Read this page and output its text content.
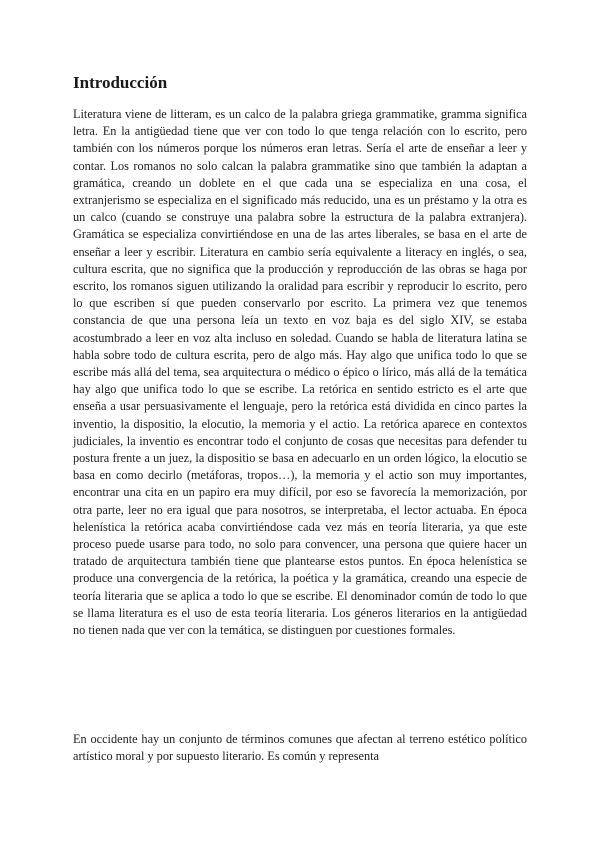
Introducción

Literatura viene de litteram, es un calco de la palabra griega grammatike, gramma significa letra. En la antigüedad tiene que ver con todo lo que tenga relación con lo escrito, pero también con los números porque los números eran letras. Sería el arte de enseñar a leer y contar. Los romanos no solo calcan la palabra grammatike sino que también la adaptan a gramática, creando un doblete en el que cada una se especializa en una cosa, el extranjerismo se especializa en el significado más reducido, una es un préstamo y la otra es un calco (cuando se construye una palabra sobre la estructura de la palabra extranjera). Gramática se especializa convirtiéndose en una de las artes liberales, se basa en el arte de enseñar a leer y escribir. Literatura en cambio sería equivalente a literacy en inglés, o sea, cultura escrita, que no significa que la producción y reproducción de las obras se haga por escrito, los romanos siguen utilizando la oralidad para escribir y reproducir lo escrito, pero lo que escriben sí que pueden conservarlo por escrito. La primera vez que tenemos constancia de que una persona leía un texto en voz baja es del siglo XIV, se estaba acostumbrado a leer en voz alta incluso en soledad. Cuando se habla de literatura latina se habla sobre todo de cultura escrita, pero de algo más. Hay algo que unifica todo lo que se escribe más allá del tema, sea arquitectura o médico o épico o lírico, más allá de la temática hay algo que unifica todo lo que se escribe. La retórica en sentido estricto es el arte que enseña a usar persuasivamente el lenguaje, pero la retórica está dividida en cinco partes la inventio, la dispositio, la elocutio, la memoria y el actio. La retórica aparece en contextos judiciales, la inventio es encontrar todo el conjunto de cosas que necesitas para defender tu postura frente a un juez, la dispositio se basa en adecuarlo en un orden lógico, la elocutio se basa en como decirlo (metáforas, tropos…), la memoria y el actio son muy importantes, encontrar una cita en un papiro era muy difícil, por eso se favorecía la memorización, por otra parte, leer no era igual que para nosotros, se interpretaba, el lector actuaba. En época helenística la retórica acaba convirtiéndose cada vez más en teoría literaria, ya que este proceso puede usarse para todo, no solo para convencer, una persona que quiere hacer un tratado de arquitectura también tiene que plantearse estos puntos. En época helenística se produce una convergencia de la retórica, la poética y la gramática, creando una especie de teoría literaria que se aplica a todo lo que se escribe. El denominador común de todo lo que se llama literatura es el uso de esta teoría literaria. Los géneros literarios en la antigüedad no tienen nada que ver con la temática, se distinguen por cuestiones formales.

En occidente hay un conjunto de términos comunes que afectan al terreno estético político artístico moral y por supuesto literario. Es común y representa
